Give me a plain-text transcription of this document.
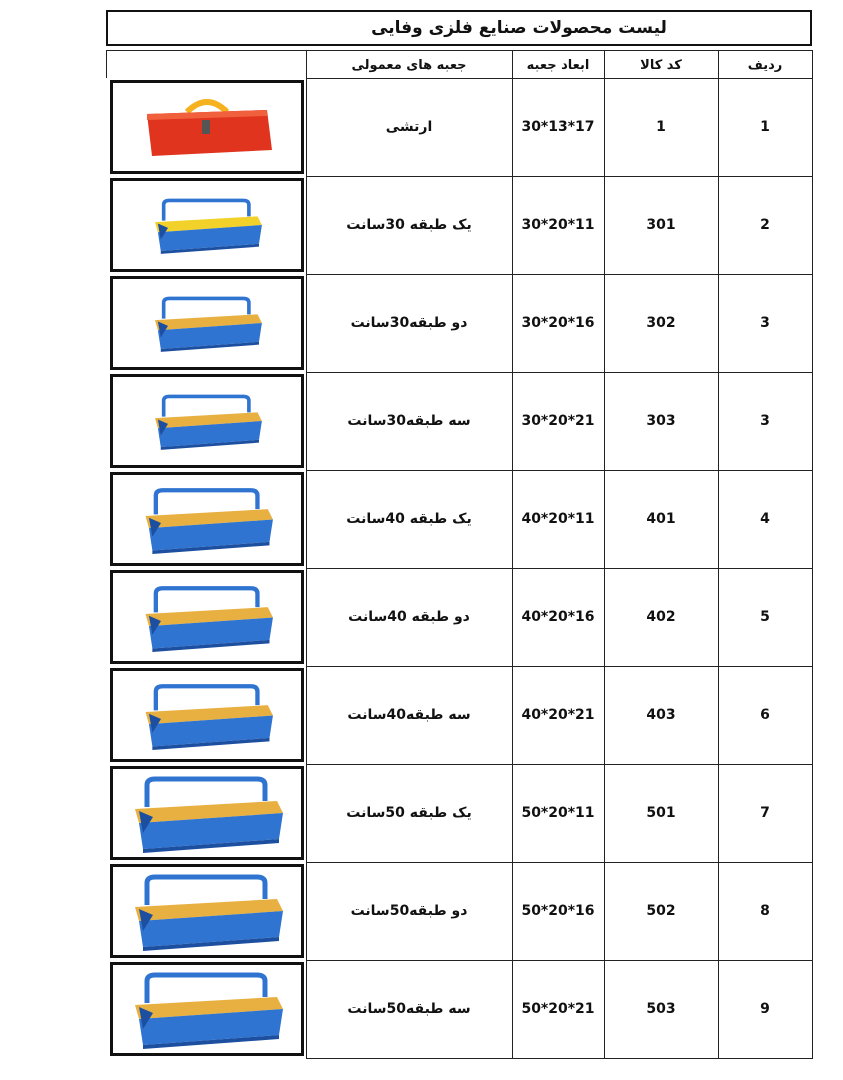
لیست محصولات صنایع فلزی وفایی
ردیف
کد کالا
ابعاد جعبه
جعبه های معمولی
1
1
30*13*17
ارتشی
2
301
30*20*11
یک طبقه 30سانت
3
302
30*20*16
دو طبقه30سانت
3
303
30*20*21
سه طبقه30سانت
4
401
40*20*11
یک طبقه 40سانت
5
402
40*20*16
دو طبقه 40سانت
6
403
40*20*21
سه طبقه40سانت
7
501
50*20*11
یک طبقه 50سانت
8
502
50*20*16
دو طبقه50سانت
9
503
50*20*21
سه طبقه50سانت
